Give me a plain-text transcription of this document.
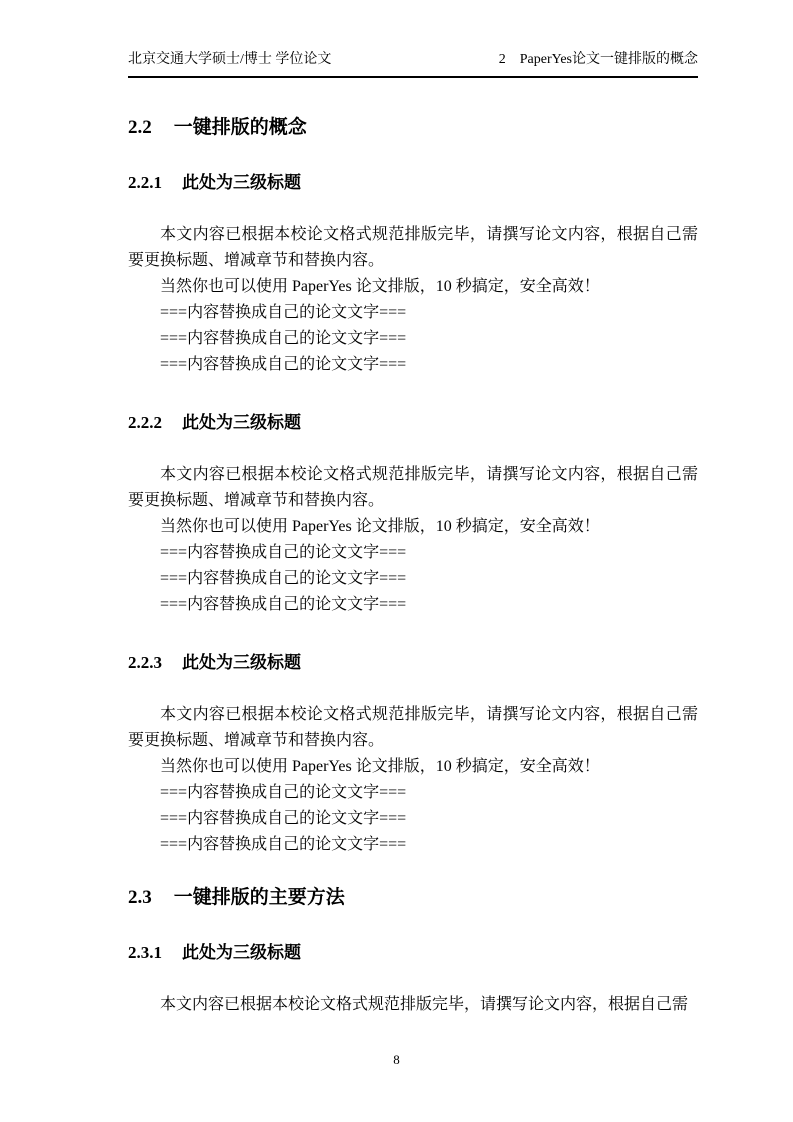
北京交通大学硕士/博士 学位论文	2　PaperYes论文一键排版的概念
2.2 一键排版的概念
2.2.1 此处为三级标题

本文内容已根据本校论文格式规范排版完毕，请撰写论文内容，根据自己需要更换标题、增减章节和替换内容。

当然你也可以使用 PaperYes 论文排版，10 秒搞定，安全高效！

===内容替换成自己的论文文字===

===内容替换成自己的论文文字===

===内容替换成自己的论文文字===

2.2.2 此处为三级标题

本文内容已根据本校论文格式规范排版完毕，请撰写论文内容，根据自己需要更换标题、增减章节和替换内容。

当然你也可以使用 PaperYes 论文排版，10 秒搞定，安全高效！

===内容替换成自己的论文文字===

===内容替换成自己的论文文字===

===内容替换成自己的论文文字===

2.2.3 此处为三级标题

本文内容已根据本校论文格式规范排版完毕，请撰写论文内容，根据自己需要更换标题、增减章节和替换内容。

当然你也可以使用 PaperYes 论文排版，10 秒搞定，安全高效！

===内容替换成自己的论文文字===

===内容替换成自己的论文文字===

===内容替换成自己的论文文字===

2.3 一键排版的主要方法
2.3.1 此处为三级标题

本文内容已根据本校论文格式规范排版完毕，请撰写论文内容，根据自己需

8
